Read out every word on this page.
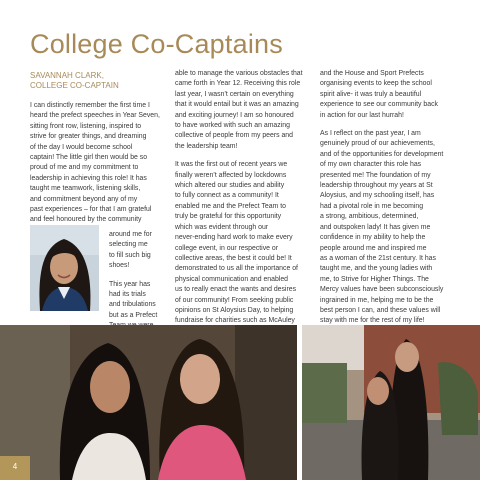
College Co-Captains
SAVANNAH CLARK,
COLLEGE CO-CAPTAIN
I can distinctly remember the first time I
heard the prefect speeches in Year Seven,
sitting front row, listening, inspired to
strive for greater things, and dreaming
of the day I would become school
captain! The little girl then would be so
proud of me and my commitment to
leadership in achieving this role! It has
taught me teamwork, listening skills,
and commitment beyond any of my
past experiences – for that I am grateful
and feel honoured by the community
around me for
selecting me
to fill such big
shoes!
This year has
had its trials
and tribulations
but as a Prefect
able to manage the various obstacles that
came forth in Year 12. Receiving this role
last year, I wasn’t certain on everything
that it would entail but it was an amazing
and exciting journey! I am so honoured
to have worked with such an amazing
collective of people from my peers and
the leadership team!
It was the first out of recent years we
finally weren’t affected by lockdowns
which altered our studies and ability
to fully connect as a community! It
enabled me and the Prefect Team to
truly be grateful for this opportunity
which was evident through our
never-ending hard work to make every
college event, in our respective or
collective areas, the best it could be! It
demonstrated to us all the importance of
physical communication and enabled
us to really enact the wants and desires
of our community! From seeking public
opinions on St Aloysius Day, to helping
fundraise for charities such as McAuley
and the House and Sport Prefects
organising events to keep the school
spirit alive- it was truly a beautiful
experience to see our community back
in action for our last hurrah!
As I reflect on the past year, I am
genuinely proud of our achievements,
and of the opportunities for development
of my own character this role has
presented me! The foundation of my
leadership throughout my years at St
Aloysius, and my schooling itself, has
had a pivotal role in me becoming
a strong, ambitious, determined,
and outspoken lady! It has given me
confidence in my ability to help the
people around me and inspired me
as a woman of the 21st century. It has
taught me, and the young ladies with
me, to Strive for Higher Things. The
Mercy values have been subconsciously
ingrained in me, helping me to be the
best person I can, and these values will
stay with me for the rest of my life!
4
